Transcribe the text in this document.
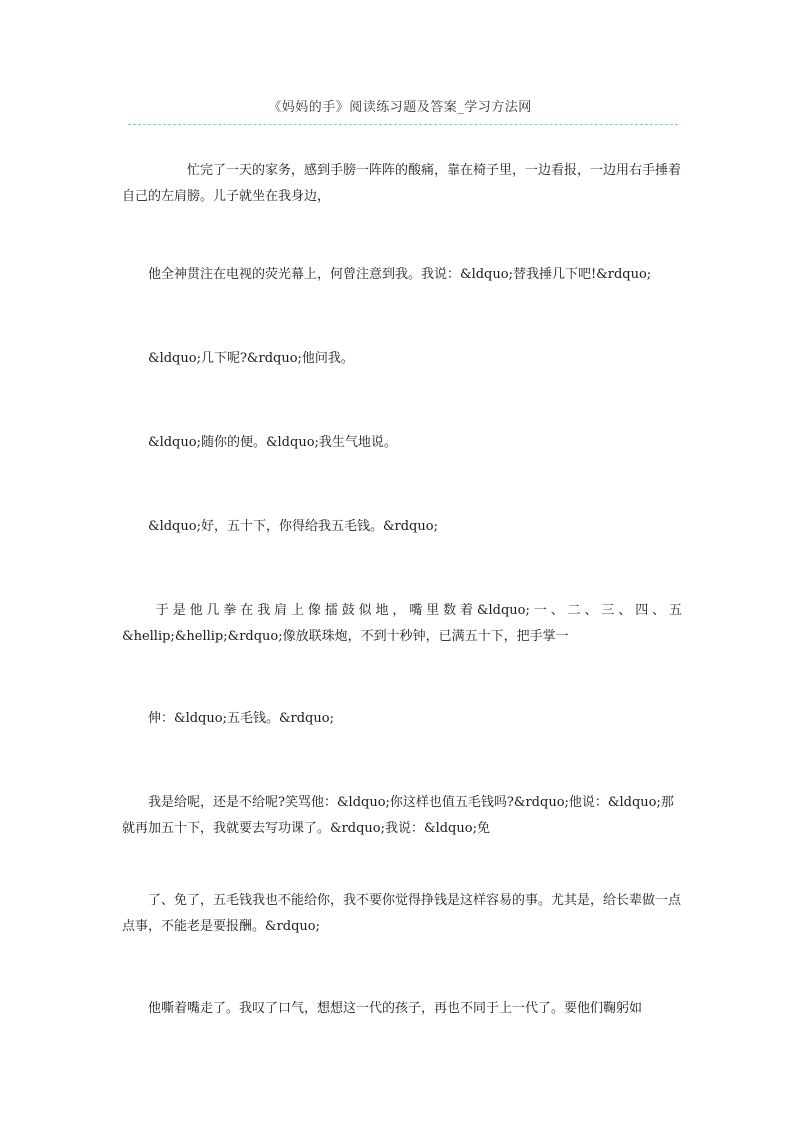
《妈妈的手》阅读练习题及答案_学习方法网
　　　　　忙完了一天的家务，感到手膀一阵阵的酸痛，靠在椅子里，一边看报，一边用右手捶着自己的左肩膀。儿子就坐在我身边，
　　他全神贯注在电视的荧光幕上，何曾注意到我。我说：&ldquo;替我捶几下吧!&rdquo;
　　&ldquo;几下呢?&rdquo;他问我。
　　&ldquo;随你的便。&ldquo;我生气地说。
　　&ldquo;好，五十下，你得给我五毛钱。&rdquo;
　　于是他几拳在我肩上像擂鼓似地，嘴里数着&ldquo;一、二、三、四、五
&hellip;&hellip;&rdquo;像放联珠炮，不到十秒钟，已满五十下，把手掌一
　　伸：&ldquo;五毛钱。&rdquo;
　　我是给呢，还是不给呢?笑骂他：&ldquo;你这样也值五毛钱吗?&rdquo;他说：&ldquo;那就再加五十下，我就要去写功课了。&rdquo;我说：&ldquo;免
　　了、免了，五毛钱我也不能给你，我不要你觉得挣钱是这样容易的事。尤其是，给长辈做一点点事，不能老是要报酬。&rdquo;
　　他嘶着嘴走了。我叹了口气，想想这一代的孩子，再也不同于上一代了。要他们鞠躬如
